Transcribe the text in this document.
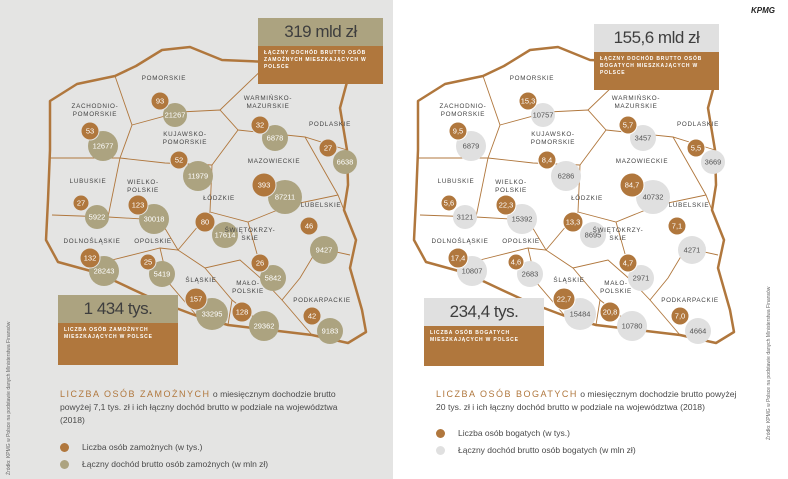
ZACHODNIO-POMORSKIE
12677
53
POMORSKIE
21267
93	WARMIŃSKO-MAZURSKIE
6878
32	PODLASKIE
6638
27
KUJAWSKO-POMORSKIE
11979
52	MAZOWIECKIE
87211
393
LUBUSKIE
5922
27
WIELKO-POLSKIE
30018
123
ŁÓDZKIE
17614
80
LUBELSKIE
9427
46
DOLNOŚLĄSKIE
28243
132
OPOLSKIE
5419
25
ŚWIĘTOKRZY-SKIE
5842
26
ŚLĄSKIE
33295
157
MAŁO-POLSKIE
29362
128
PODKARPACKIE
9183
42
319 mld zł
ŁĄCZNY DOCHÓD BRUTTO OSÓB ZAMOŻNYCH MIESZKAJĄCYCH W POLSCE
1 434 tys.
LICZBA OSÓB ZAMOŻNYCH MIESZKAJĄCYCH W POLSCE
LICZBA OSÓB ZAMOŻNYCH o miesięcznym dochodzie brutto
powyżej 7,1 tys. zł i ich łączny dochód brutto w podziale na województwa
(2018)
Liczba osób zamożnych (w tys.)
Łączny dochód brutto osób zamożnych (w mln zł)
Źródło: KPMG w Polsce na podstawie danych Ministerstwa Finansów
ZACHODNIO-POMORSKIE
6879
9,5
POMORSKIE
10757
15,3	WARMIŃSKO-MAZURSKIE
3457
5,7	PODLASKIE
3669
5,5
KUJAWSKO-POMORSKIE
6286
8,4	MAZOWIECKIE
40732
84,7
LUBUSKIE
3121
5,6
WIELKO-POLSKIE
15392
22,3
ŁÓDZKIE
8695
13,3
LUBELSKIE
4271
7,1
DOLNOŚLĄSKIE
10807
17,4
OPOLSKIE
2683
4,6
ŚWIĘTOKRZY-SKIE
2971
4,7
ŚLĄSKIE
15484
22,7
MAŁO-POLSKIE
10780
20,8
PODKARPACKIE
4664
7,0
155,6 mld zł
ŁĄCZNY DOCHÓD BRUTTO OSÓB BOGATYCH MIESZKAJĄCYCH W POLSCE
234,4 tys.
LICZBA OSÓB BOGATYCH MIESZKAJĄCYCH W POLSCE
LICZBA OSÓB BOGATYCH o miesięcznym dochodzie brutto powyżej
20 tys. zł i ich łączny dochód brutto w podziale na województwa (2018)
Liczba osób bogatych (w tys.)
Łączny dochód brutto osób bogatych (w mln zł)
Źródło: KPMG w Polsce na podstawie danych Ministerstwa Finansów
KPMG
